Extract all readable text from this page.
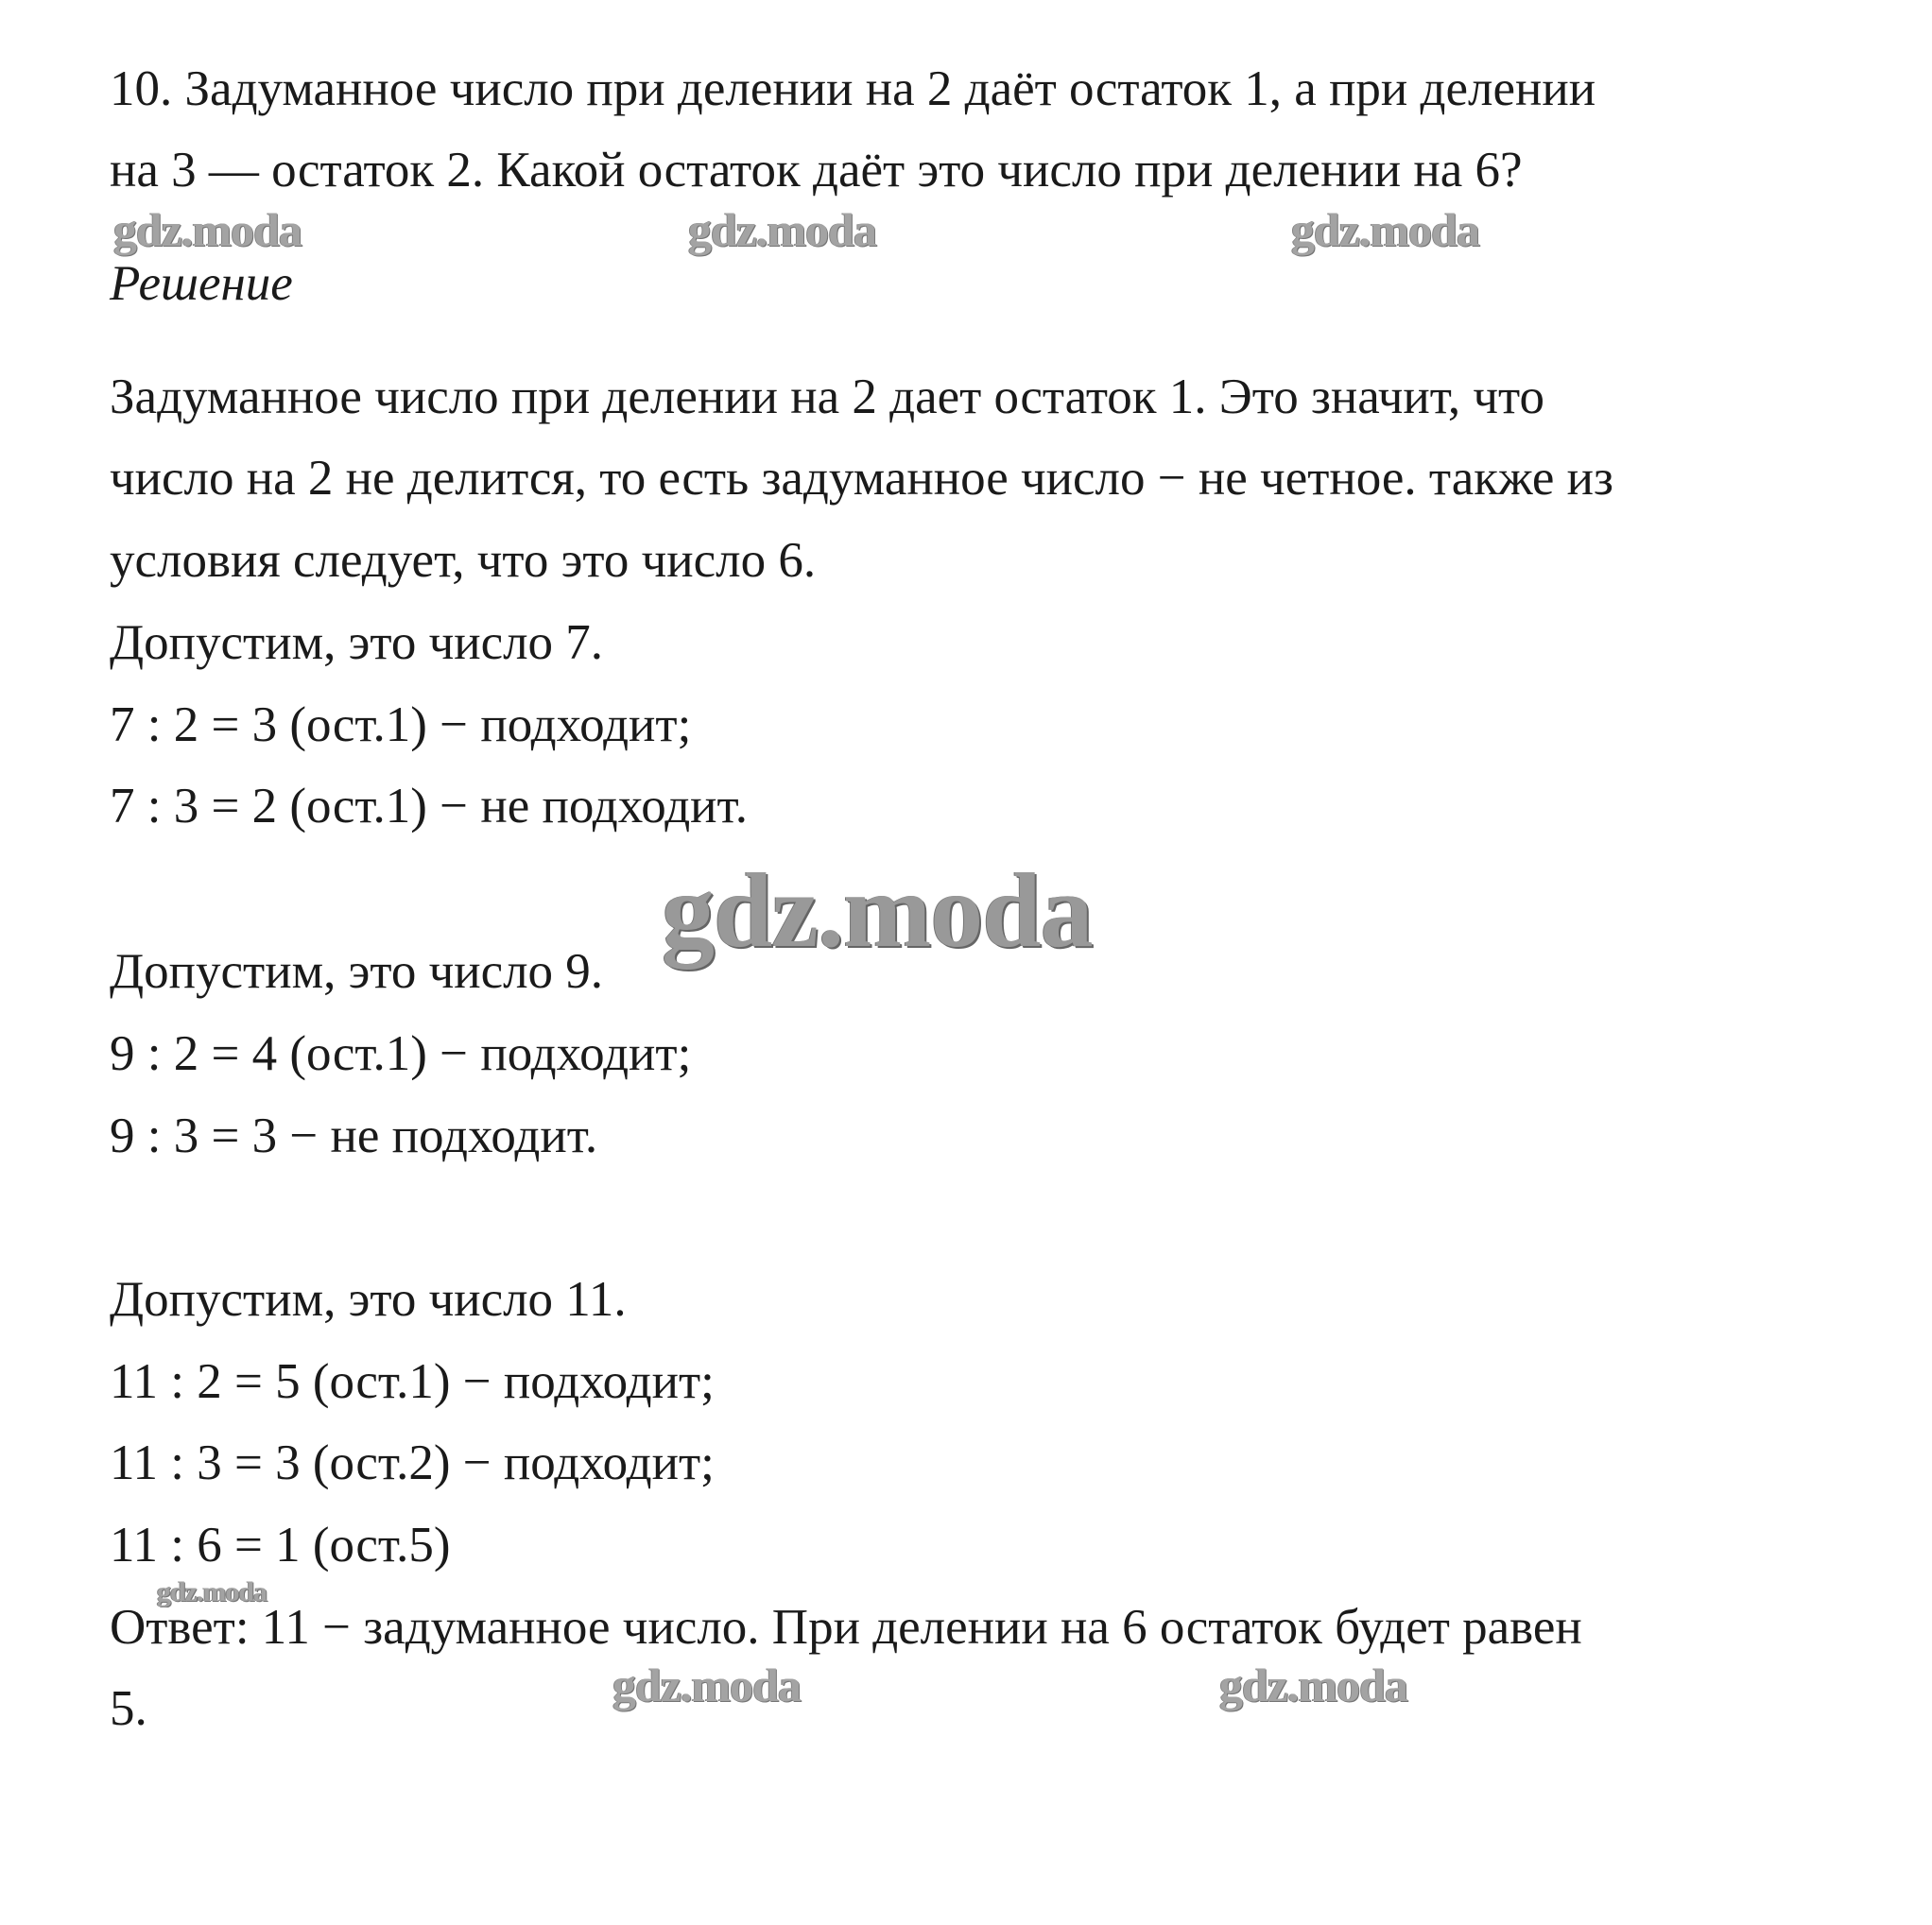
10. Задуманное число при делении на 2 даёт остаток 1, а при делении
на 3 — остаток 2. Какой остаток даёт это число при делении на 6?
gdz.moda	gdz.moda	gdz.moda
Решение
Задуманное число при делении на 2 дает остаток 1. Это значит, что
число на 2 не делится, то есть задуманное число − не четное. также из
условия следует, что это число 6.
Допустим, это число 7.
7 : 2 = 3 (ост.1) − подходит;
7 : 3 = 2 (ост.1) − не подходит.
gdz.moda
Допустим, это число 9.
9 : 2 = 4 (ост.1) − подходит;
9 : 3 = 3 − не подходит.
Допустим, это число 11.
11 : 2 = 5 (ост.1) − подходит;
11 : 3 = 3 (ост.2) − подходит;
11 : 6 = 1 (ост.5)
gdz.moda
Ответ: 11 − задуманное число. При делении на 6 остаток будет равен
gdz.moda	gdz.moda
5.
